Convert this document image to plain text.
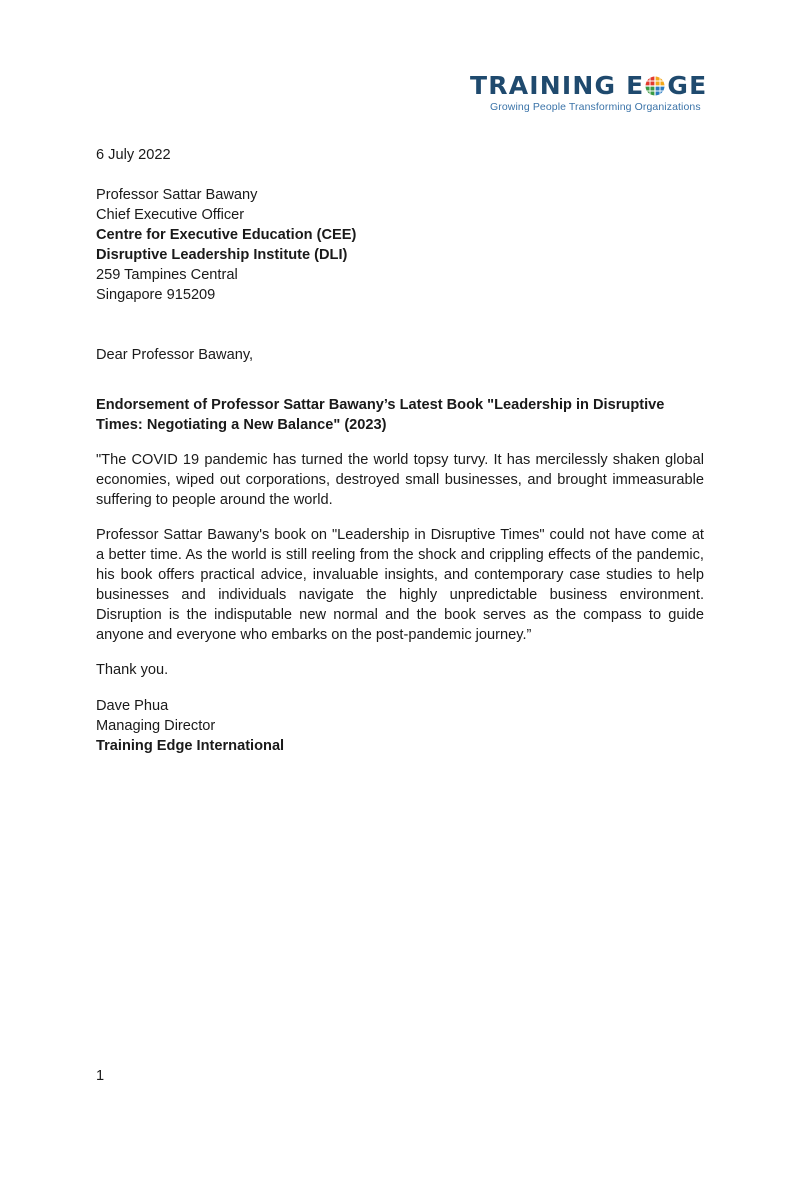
TRAINING E GE
Growing People Transforming Organizations
6 July 2022
Professor Sattar Bawany
Chief Executive Officer
Centre for Executive Education (CEE)
Disruptive Leadership Institute (DLI)
259 Tampines Central
Singapore 915209
Dear Professor Bawany,
Endorsement of Professor Sattar Bawany’s Latest Book "Leadership in Disruptive Times: Negotiating a New Balance" (2023)
"The COVID 19 pandemic has turned the world topsy turvy. It has mercilessly shaken global economies, wiped out corporations, destroyed small businesses, and brought immeasurable suffering to people around the world.
Professor Sattar Bawany's book on "Leadership in Disruptive Times" could not have come at a better time. As the world is still reeling from the shock and crippling effects of the pandemic, his book offers practical advice, invaluable insights, and contemporary case studies to help businesses and individuals navigate the highly unpredictable business environment. Disruption is the indisputable new normal and the book serves as the compass to guide anyone and everyone who embarks on the post-pandemic journey.”
Thank you.
Dave Phua
Managing Director
Training Edge International
1
